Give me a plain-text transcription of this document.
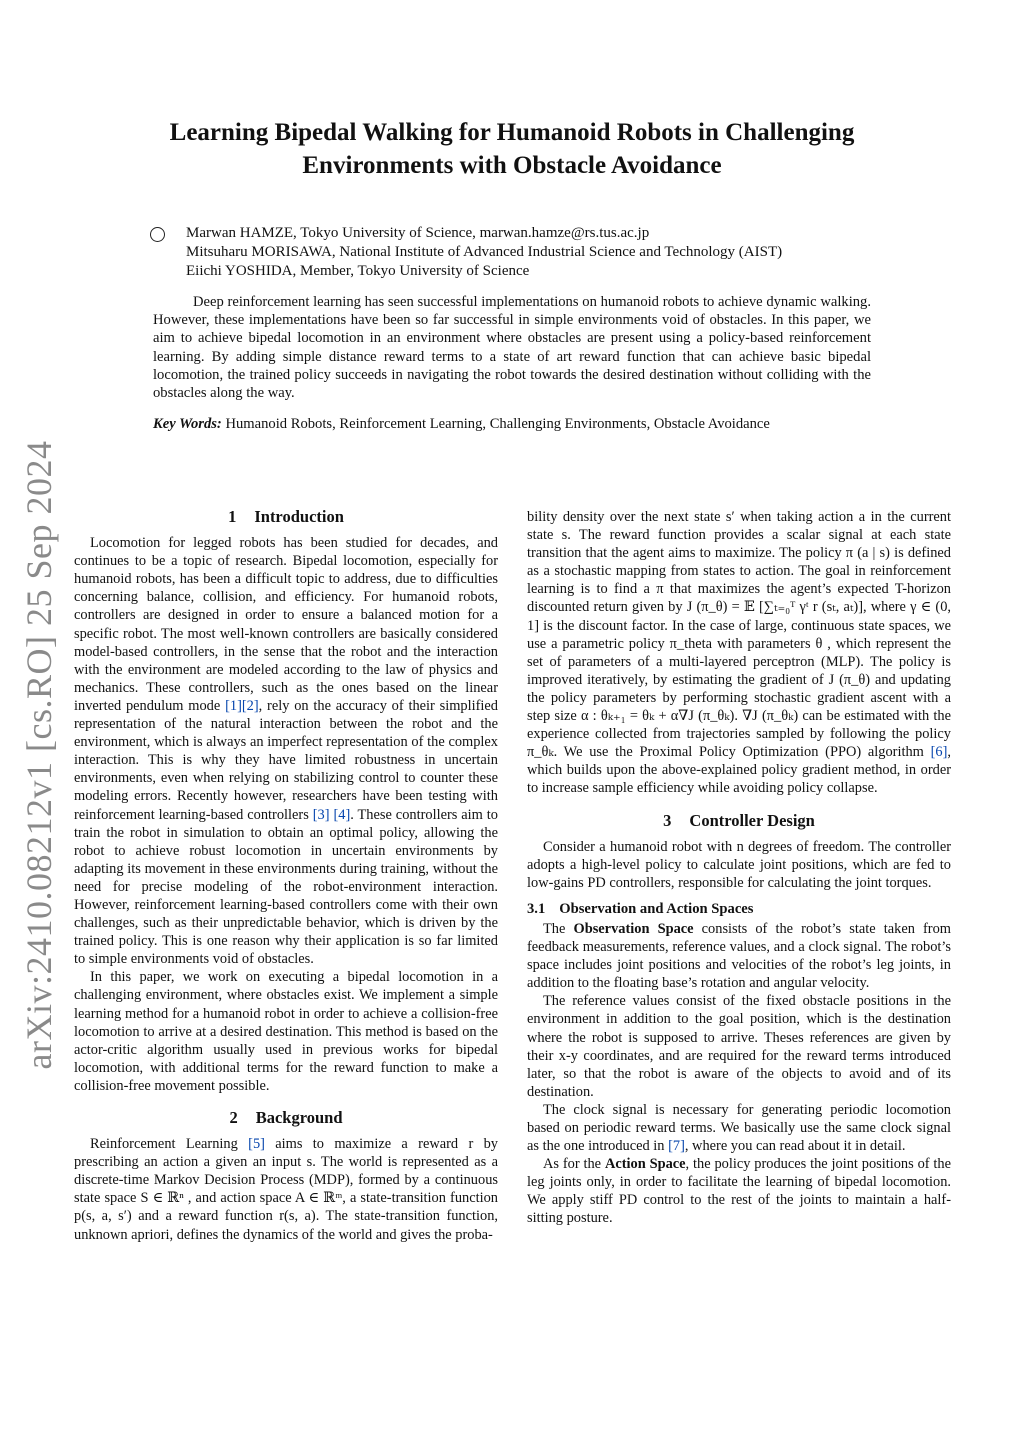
arXiv:2410.08212v1 [cs.RO] 25 Sep 2024
Learning Bipedal Walking for Humanoid Robots in Challenging Environments with Obstacle Avoidance
Marwan HAMZE, Tokyo University of Science, marwan.hamze@rs.tus.ac.jp
Mitsuharu MORISAWA, National Institute of Advanced Industrial Science and Technology (AIST)
Eiichi YOSHIDA, Member, Tokyo University of Science
Deep reinforcement learning has seen successful implementations on humanoid robots to achieve dynamic walking. However, these implementations have been so far successful in simple environments void of obstacles. In this paper, we aim to achieve bipedal locomotion in an environment where obstacles are present using a policy-based reinforcement learning. By adding simple distance reward terms to a state of art reward function that can achieve basic bipedal locomotion, the trained policy succeeds in navigating the robot towards the desired destination without colliding with the obstacles along the way.
Key Words: Humanoid Robots, Reinforcement Learning, Challenging Environments, Obstacle Avoidance
1 Introduction

Locomotion for legged robots has been studied for decades, and continues to be a topic of research. Bipedal locomotion, especially for humanoid robots, has been a difficult topic to address, due to difficulties concerning balance, collision, and efficiency. For humanoid robots, controllers are designed in order to ensure a balanced motion for a specific robot. The most well-known controllers are basically considered model-based controllers, in the sense that the robot and the interaction with the environment are modeled according to the law of physics and mechanics. These controllers, such as the ones based on the linear inverted pendulum mode [1][2], rely on the accuracy of their simplified representation of the natural interaction between the robot and the environment, which is always an imperfect representation of the complex interaction. This is why they have limited robustness in uncertain environments, even when relying on stabilizing control to counter these modeling errors. Recently however, researchers have been testing with reinforcement learning-based controllers [3] [4]. These controllers aim to train the robot in simulation to obtain an optimal policy, allowing the robot to achieve robust locomotion in uncertain environments by adapting its movement in these environments during training, without the need for precise modeling of the robot-environment interaction. However, reinforcement learning-based controllers come with their own challenges, such as their unpredictable behavior, which is driven by the trained policy. This is one reason why their application is so far limited to simple environments void of obstacles.

In this paper, we work on executing a bipedal locomotion in a challenging environment, where obstacles exist. We implement a simple learning method for a humanoid robot in order to achieve a collision-free locomotion to arrive at a desired destination. This method is based on the actor-critic algorithm usually used in previous works for bipedal locomotion, with additional terms for the reward function to make a collision-free movement possible.

2 Background

Reinforcement Learning [5] aims to maximize a reward r by prescribing an action a given an input s. The world is represented as a discrete-time Markov Decision Process (MDP), formed by a continuous state space S ∈ ℝⁿ , and action space A ∈ ℝᵐ, a state-transition function p(s, a, s′) and a reward function r(s, a). The state-transition function, unknown apriori, defines the dynamics of the world and gives the proba-

bility density over the next state s′ when taking action a in the current state s. The reward function provides a scalar signal at each state transition that the agent aims to maximize. The policy π (a | s) is defined as a stochastic mapping from states to action. The goal in reinforcement learning is to find a π that maximizes the agent’s expected T-horizon discounted return given by J (π_θ) = 𝔼 [∑ₜ₌₀ᵀ γᵗ r (sₜ, aₜ)], where γ ∈ (0, 1] is the discount factor. In the case of large, continuous state spaces, we use a parametric policy π_theta with parameters θ , which represent the set of parameters of a multi-layered perceptron (MLP). The policy is improved iteratively, by estimating the gradient of J (π_θ) and updating the policy parameters by performing stochastic gradient ascent with a step size α : θₖ₊₁ = θₖ + α∇J (π_θₖ). ∇J (π_θₖ) can be estimated with the experience collected from trajectories sampled by following the policy π_θₖ. We use the Proximal Policy Optimization (PPO) algorithm [6], which builds upon the above-explained policy gradient method, in order to increase sample efficiency while avoiding policy collapse.

3 Controller Design

Consider a humanoid robot with n degrees of freedom. The controller adopts a high-level policy to calculate joint positions, which are fed to low-gains PD controllers, responsible for calculating the joint torques.

3.1 Observation and Action Spaces

The Observation Space consists of the robot’s state taken from feedback measurements, reference values, and a clock signal. The robot’s space includes joint positions and velocities of the robot’s leg joints, in addition to the floating base’s rotation and angular velocity.

The reference values consist of the fixed obstacle positions in the environment in addition to the goal position, which is the destination where the robot is supposed to arrive. Theses references are given by their x-y coordinates, and are required for the reward terms introduced later, so that the robot is aware of the objects to avoid and of its destination.

The clock signal is necessary for generating periodic locomotion based on periodic reward terms. We basically use the same clock signal as the one introduced in [7], where you can read about it in detail.

As for the Action Space, the policy produces the joint positions of the leg joints only, in order to facilitate the learning of bipedal locomotion. We apply stiff PD control to the rest of the joints to maintain a half-sitting posture.
